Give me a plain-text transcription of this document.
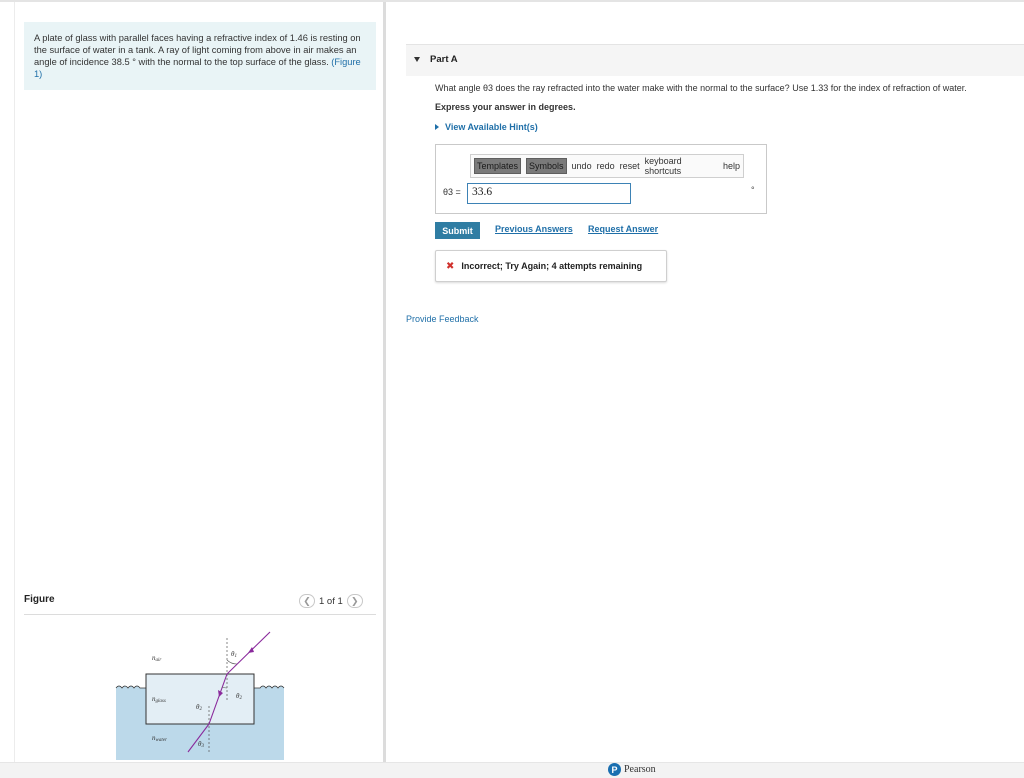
A plate of glass with parallel faces having a refractive index of 1.46 is resting on the surface of water in a tank. A ray of light coming from above in air makes an angle of incidence 38.5 ° with the normal to the top surface of the glass. (Figure 1)
Figure	❮ 1 of 1 ❯
nair
nglass
nwater
θ1
θ2
θ2
θ3
Part A
What angle θ3 does the ray refracted into the water make with the normal to the surface? Use 1.33 for the index of refraction of water.
Express your answer in degrees.
View Available Hint(s)
Templates	Symbols undo redo reset keyboard shortcuts	help
θ3 = 33.6	°
Submit	Previous Answers Request Answer
✖ Incorrect; Try Again; 4 attempts remaining
Provide Feedback
P Pearson
